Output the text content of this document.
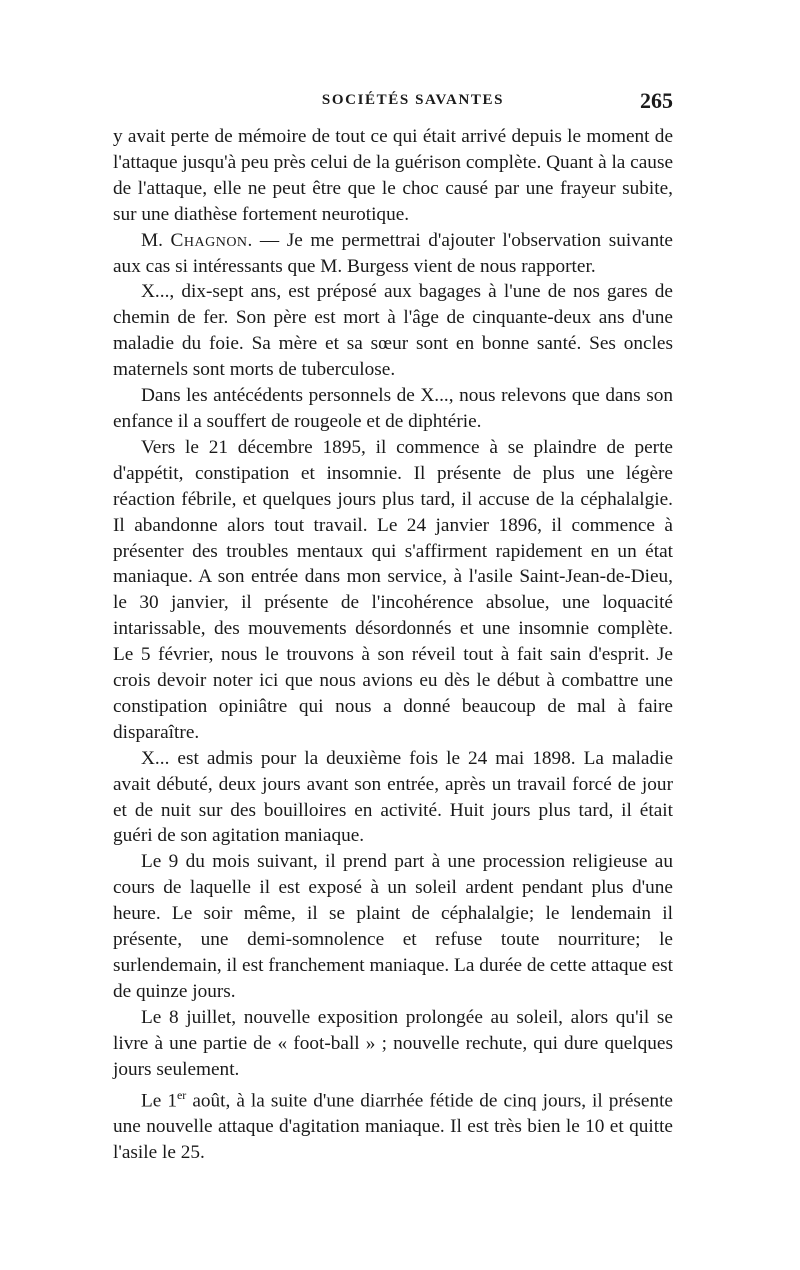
SOCIÉTÉS SAVANTES	265

y avait perte de mémoire de tout ce qui était arrivé depuis le moment de l'attaque jusqu'à peu près celui de la guérison complète. Quant à la cause de l'attaque, elle ne peut être que le choc causé par une frayeur subite, sur une diathèse fortement neurotique.

M. Chagnon. — Je me permettrai d'ajouter l'observation suivante aux cas si intéressants que M. Burgess vient de nous rapporter.

X..., dix-sept ans, est préposé aux bagages à l'une de nos gares de chemin de fer. Son père est mort à l'âge de cinquante-deux ans d'une maladie du foie. Sa mère et sa sœur sont en bonne santé. Ses oncles maternels sont morts de tuberculose.

Dans les antécédents personnels de X..., nous relevons que dans son enfance il a souffert de rougeole et de diphtérie.

Vers le 21 décembre 1895, il commence à se plaindre de perte d'appétit, constipation et insomnie. Il présente de plus une légère réaction fébrile, et quelques jours plus tard, il accuse de la céphalalgie. Il abandonne alors tout travail. Le 24 janvier 1896, il commence à présenter des troubles mentaux qui s'affirment rapidement en un état maniaque. A son entrée dans mon service, à l'asile Saint-Jean-de-Dieu, le 30 janvier, il présente de l'incohérence absolue, une loquacité intarissable, des mouvements désordonnés et une insomnie complète. Le 5 février, nous le trouvons à son réveil tout à fait sain d'esprit. Je crois devoir noter ici que nous avions eu dès le début à combattre une constipation opiniâtre qui nous a donné beaucoup de mal à faire disparaître.

X... est admis pour la deuxième fois le 24 mai 1898. La maladie avait débuté, deux jours avant son entrée, après un travail forcé de jour et de nuit sur des bouilloires en activité. Huit jours plus tard, il était guéri de son agitation maniaque.

Le 9 du mois suivant, il prend part à une procession religieuse au cours de laquelle il est exposé à un soleil ardent pendant plus d'une heure. Le soir même, il se plaint de céphalalgie; le lendemain il présente, une demi-somnolence et refuse toute nourriture; le surlendemain, il est franchement maniaque. La durée de cette attaque est de quinze jours.

Le 8 juillet, nouvelle exposition prolongée au soleil, alors qu'il se livre à une partie de « foot-ball » ; nouvelle rechute, qui dure quelques jours seulement.

Le 1er août, à la suite d'une diarrhée fétide de cinq jours, il présente une nouvelle attaque d'agitation maniaque. Il est très bien le 10 et quitte l'asile le 25.
